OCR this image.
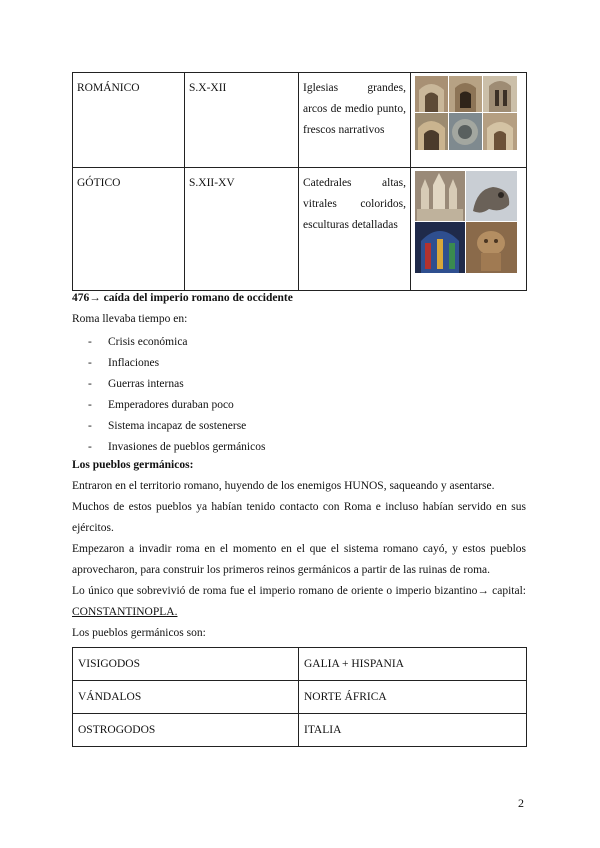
ROMÁNICO	S.X-XII	Iglesias grandes, arcos de medio punto, frescos narrativos	
GÓTICO	S.XII-XV	Catedrales altas, vitrales coloridos, esculturas detalladas	
476→ caída del imperio romano de occidente
Roma llevaba tiempo en:
- Crisis económica
- Inflaciones
- Guerras internas
- Emperadores duraban poco
- Sistema incapaz de sostenerse
- Invasiones de pueblos germánicos
Los pueblos germánicos:
Entraron en el territorio romano, huyendo de los enemigos HUNOS, saqueando y asentarse.
Muchos de estos pueblos ya habían tenido contacto con Roma e incluso habían servido en sus ejércitos.
Empezaron a invadir roma en el momento en el que el sistema romano cayó, y estos pueblos aprovecharon, para construir los primeros reinos germánicos a partir de las ruinas de roma.
Lo único que sobrevivió de roma fue el imperio romano de oriente o imperio bizantino→ capital: CONSTANTINOPLA.
Los pueblos germánicos son:
VISIGODOS	GALIA + HISPANIA
VÁNDALOS	NORTE ÁFRICA
OSTROGODOS	ITALIA
2
